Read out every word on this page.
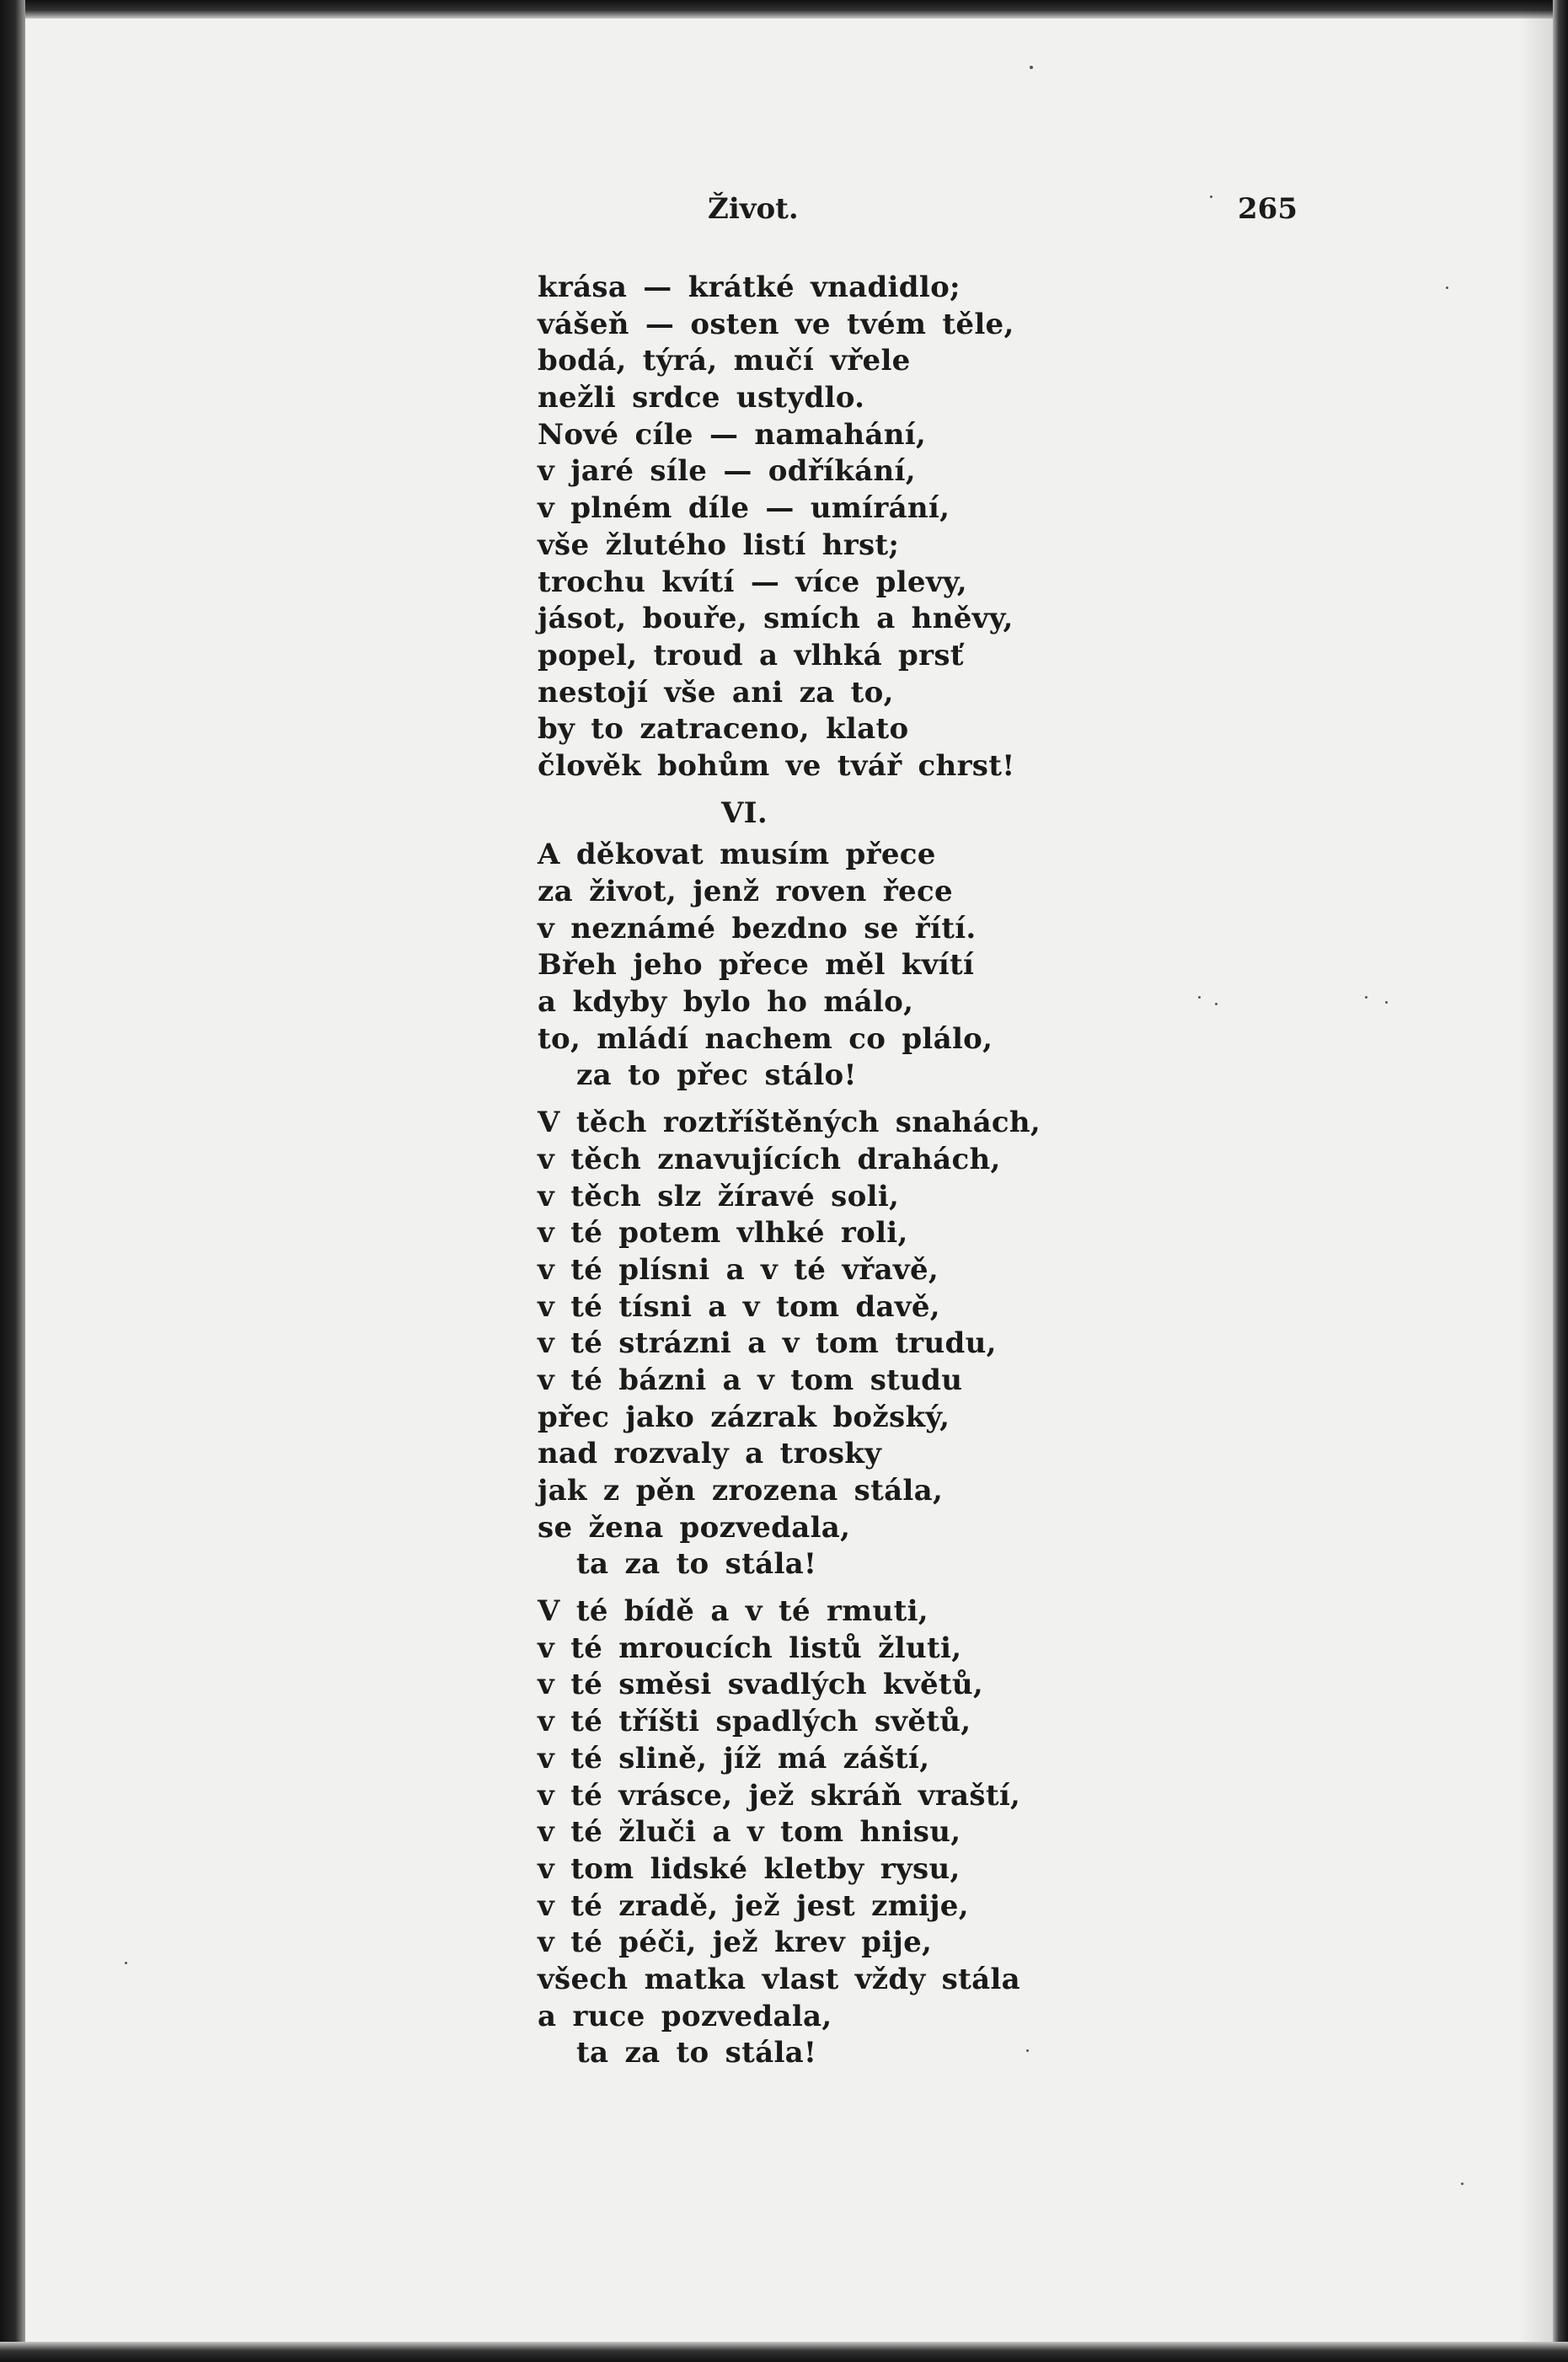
Život.	265
krása — krátké vnadidlo;
vášeň — osten ve tvém těle,
bodá, týrá, mučí vřele
nežli srdce ustydlo.
Nové cíle — namahání,
v jaré síle — odříkání,
v plném díle — umírání,
vše žlutého listí hrst;
trochu kvítí — více plevy,
jásot, bouře, smích a hněvy,
popel, troud a vlhká prsť
nestojí vše ani za to,
by to zatraceno, klato
člověk bohům ve tvář chrst!
VI.
A děkovat musím přece
za život, jenž roven řece
v neznámé bezdno se řítí.
Břeh jeho přece měl kvítí
a kdyby bylo ho málo,
to, mládí nachem co plálo,
za to přec stálo!
V těch roztříštěných snahách,
v těch znavujících drahách,
v těch slz žíravé soli,
v té potem vlhké roli,
v té plísni a v té vřavě,
v té tísni a v tom davě,
v té strázni a v tom trudu,
v té bázni a v tom studu
přec jako zázrak božský,
nad rozvaly a trosky
jak z pěn zrozena stála,
se žena pozvedala,
ta za to stála!
V té bídě a v té rmuti,
v té mroucích listů žluti,
v té směsi svadlých květů,
v té tříšti spadlých světů,
v té slině, jíž má záští,
v té vrásce, jež skráň vraští,
v té žluči a v tom hnisu,
v tom lidské kletby rysu,
v té zradě, jež jest zmije,
v té péči, jež krev pije,
všech matka vlast vždy stála
a ruce pozvedala,
ta za to stála!
